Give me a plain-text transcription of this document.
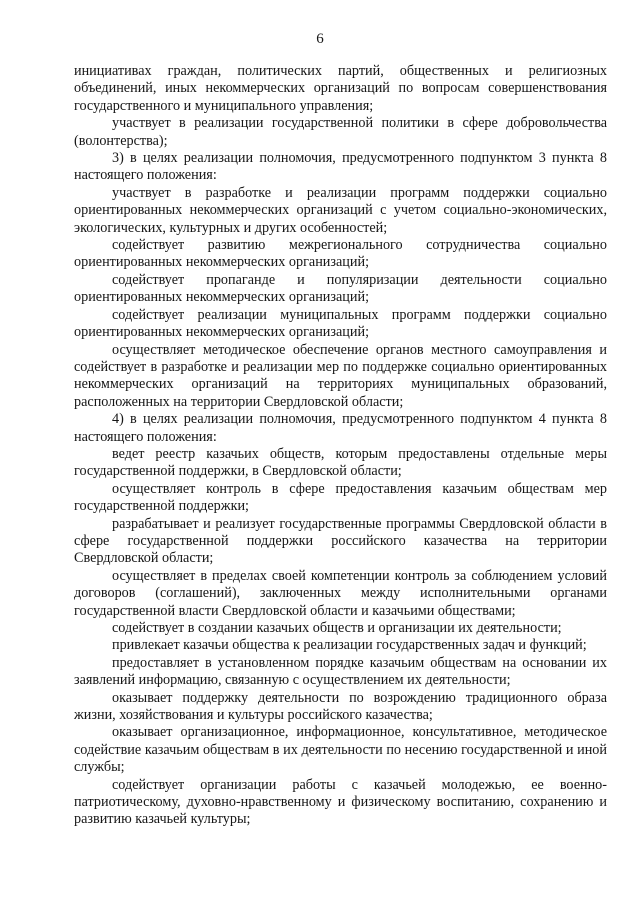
6

инициативах граждан, политических партий, общественных и религиозных объединений, иных некоммерческих организаций по вопросам совершенствования государственного и муниципального управления;

участвует в реализации государственной политики в сфере добровольчества (волонтерства);

3) в целях реализации полномочия, предусмотренного подпунктом 3 пункта 8 настоящего положения:

участвует в разработке и реализации программ поддержки социально ориентированных некоммерческих организаций с учетом социально-экономических, экологических, культурных и других особенностей;

содействует развитию межрегионального сотрудничества социально ориентированных некоммерческих организаций;

содействует пропаганде и популяризации деятельности социально ориентированных некоммерческих организаций;

содействует реализации муниципальных программ поддержки социально ориентированных некоммерческих организаций;

осуществляет методическое обеспечение органов местного самоуправления и содействует в разработке и реализации мер по поддержке социально ориентированных некоммерческих организаций на территориях муниципальных образований, расположенных на территории Свердловской области;

4) в целях реализации полномочия, предусмотренного подпунктом 4 пункта 8 настоящего положения:

ведет реестр казачьих обществ, которым предоставлены отдельные меры государственной поддержки, в Свердловской области;

осуществляет контроль в сфере предоставления казачьим обществам мер государственной поддержки;

разрабатывает и реализует государственные программы Свердловской области в сфере государственной поддержки российского казачества на территории Свердловской области;

осуществляет в пределах своей компетенции контроль за соблюдением условий договоров (соглашений), заключенных между исполнительными органами государственной власти Свердловской области и казачьими обществами;

содействует в создании казачьих обществ и организации их деятельности;

привлекает казачьи общества к реализации государственных задач и функций;

предоставляет в установленном порядке казачьим обществам на основании их заявлений информацию, связанную с осуществлением их деятельности;

оказывает поддержку деятельности по возрождению традиционного образа жизни, хозяйствования и культуры российского казачества;

оказывает организационное, информационное, консультативное, методическое содействие казачьим обществам в их деятельности по несению государственной и иной службы;

содействует организации работы с казачьей молодежью, ее военно-патриотическому, духовно-нравственному и физическому воспитанию, сохранению и развитию казачьей культуры;
